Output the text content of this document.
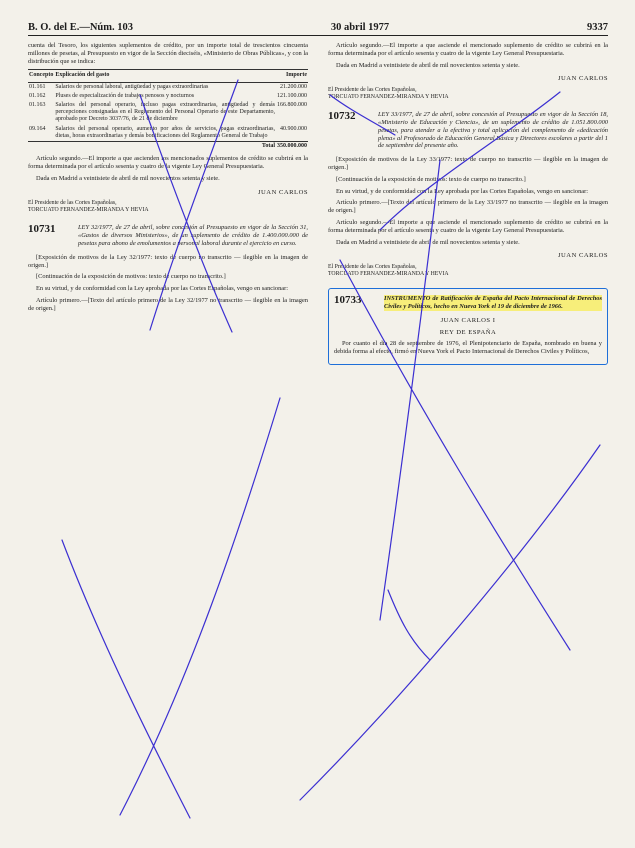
B. O. del E.—Núm. 103	30 abril 1977	9337

cuenta del Tesoro, los siguientes suplementos de crédito, por un importe total de trescientos cincuenta millones de pesetas, al Presupuesto en vigor de la Sección dieciséis, «Ministerio de Obras Públicas», y con la distribución que se indica:

Concepto	Explicación del gasto	Importe
01.161	Salarios de personal laboral, antigüedad y pagas extraordinarias	21.200.000
01.162	Pluses de especialización de trabajos penosos y nocturnos	121.100.000
01.163	Salarios del personal operario, incluso pagas extraordinarias, antigüedad y demás percepciones consignadas en el Reglamento del Personal Operario de este Departamento, aprobado por Decreto 3037/76, de 21 de diciembre	166.800.000
09.164	Salarios del personal operario, aumento por años de servicios, pagas extraordinarias, dietas, horas extraordinarias y demás bonificaciones del Reglamento General de Trabajo	40.900.000
	Total	350.000.000

Artículo segundo.—El importe a que ascienden los mencionados suplementos de crédito se cubrirá en la forma determinada por el artículo sesenta y cuatro de la vigente Ley General Presupuestaria.

Dada en Madrid a veintisiete de abril de mil novecientos setenta y siete.

JUAN CARLOS
El Presidente de las Cortes Españolas,
TORCUATO FERNANDEZ-MIRANDA Y HEVIA
10731	LEY 32/1977, de 27 de abril, sobre concesión al Presupuesto en vigor de la Sección 31, «Gastos de diversos Ministerios», de un suplemento de crédito de 1.400.000.000 de pesetas para abono de emolumentos a personal laboral durante el ejercicio en curso.

[Exposición de motivos de la Ley 32/1977: texto de cuerpo no transcrito — ilegible en la imagen de origen.]

[Continuación de la exposición de motivos: texto de cuerpo no transcrito.]

En su virtud, y de conformidad con la Ley aprobada por las Cortes Españolas, vengo en sancionar:

Artículo primero.—[Texto del artículo primero de la Ley 32/1977 no transcrito — ilegible en la imagen de origen.]

Artículo segundo.—El importe a que asciende el mencionado suplemento de crédito se cubrirá en la forma determinada por el artículo sesenta y cuatro de la vigente Ley General Presupuestaria.

Dada en Madrid a veintisiete de abril de mil novecientos setenta y siete.

JUAN CARLOS
El Presidente de las Cortes Españolas,
TORCUATO FERNANDEZ-MIRANDA Y HEVIA
10732	LEY 33/1977, de 27 de abril, sobre concesión al Presupuesto en vigor de la Sección 18, «Ministerio de Educación y Ciencia», de un suplemento de crédito de 1.051.800.000 pesetas, para atender a la efectiva y total aplicación del complemento de «dedicación plena» al Profesorado de Educación General Básica y Directores escolares a partir del 1 de septiembre del presente año.

[Exposición de motivos de la Ley 33/1977: texto de cuerpo no transcrito — ilegible en la imagen de origen.]

[Continuación de la exposición de motivos: texto de cuerpo no transcrito.]

En su virtud, y de conformidad con la Ley aprobada por las Cortes Españolas, vengo en sancionar:

Artículo primero.—[Texto del artículo primero de la Ley 33/1977 no transcrito — ilegible en la imagen de origen.]

Artículo segundo.—El importe a que asciende el mencionado suplemento de crédito se cubrirá en la forma determinada por el artículo sesenta y cuatro de la vigente Ley General Presupuestaria.

Dada en Madrid a veintisiete de abril de mil novecientos setenta y siete.

JUAN CARLOS
El Presidente de las Cortes Españolas,
TORCUATO FERNANDEZ-MIRANDA Y HEVIA
10733	INSTRUMENTO de Ratificación de España del Pacto Internacional de Derechos Civiles y Políticos, hecho en Nueva York el 19 de diciembre de 1966.
JUAN CARLOS I
REY DE ESPAÑA

Por cuanto el día 28 de septiembre de 1976, el Plenipotenciario de España, nombrado en buena y debida forma al efecto, firmó en Nueva York el Pacto Internacional de Derechos Civiles y Políticos,
